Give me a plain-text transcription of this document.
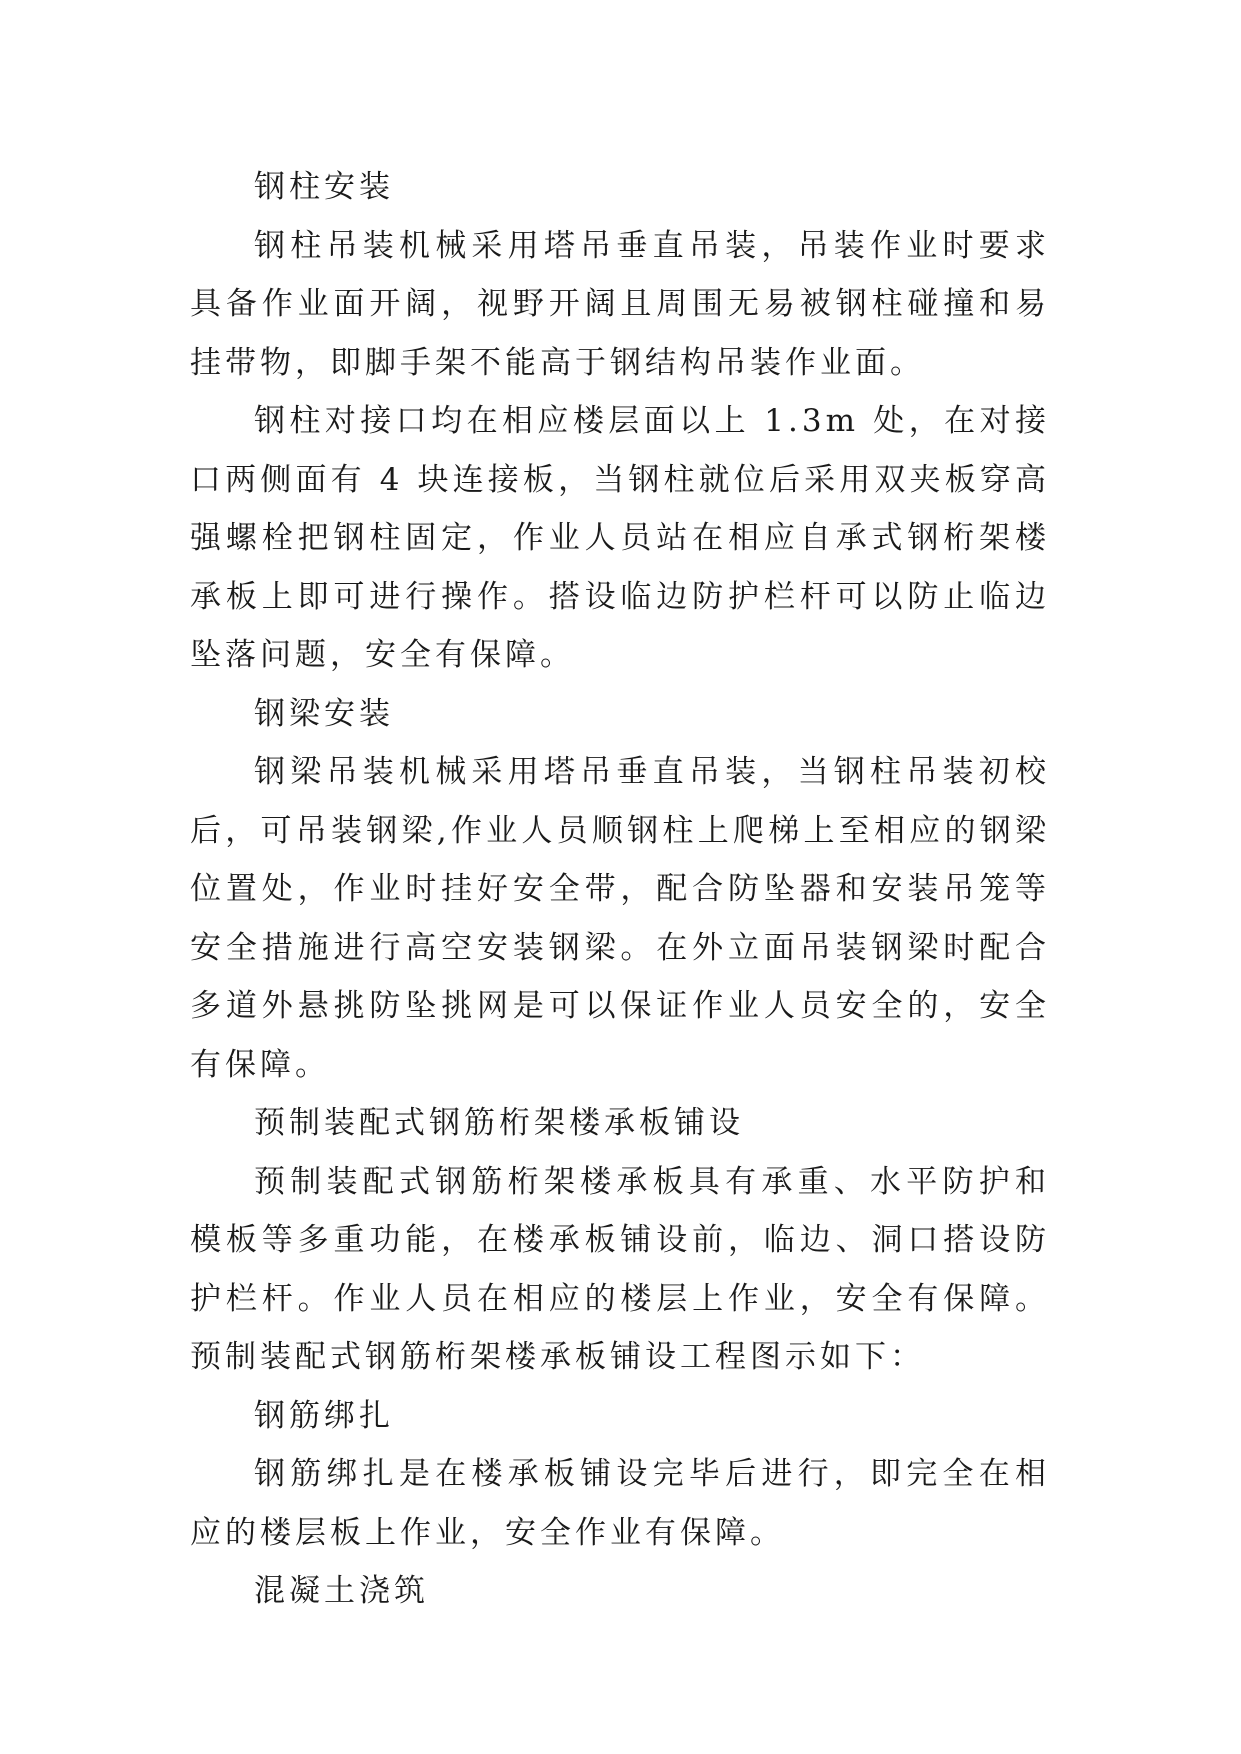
钢柱安装

钢柱吊装机械采用塔吊垂直吊装，吊装作业时要求具备作业面开阔，视野开阔且周围无易被钢柱碰撞和易挂带物，即脚手架不能高于钢结构吊装作业面。

钢柱对接口均在相应楼层面以上 1.3m 处，在对接口两侧面有 4 块连接板，当钢柱就位后采用双夹板穿高强螺栓把钢柱固定，作业人员站在相应自承式钢桁架楼承板上即可进行操作。搭设临边防护栏杆可以防止临边坠落问题，安全有保障。

钢梁安装

钢梁吊装机械采用塔吊垂直吊装，当钢柱吊装初校后，可吊装钢梁,作业人员顺钢柱上爬梯上至相应的钢梁位置处，作业时挂好安全带，配合防坠器和安装吊笼等安全措施进行高空安装钢梁。在外立面吊装钢梁时配合多道外悬挑防坠挑网是可以保证作业人员安全的，安全有保障。

预制装配式钢筋桁架楼承板铺设

预制装配式钢筋桁架楼承板具有承重、水平防护和模板等多重功能，在楼承板铺设前，临边、洞口搭设防护栏杆。作业人员在相应的楼层上作业，安全有保障。预制装配式钢筋桁架楼承板铺设工程图示如下：

钢筋绑扎

钢筋绑扎是在楼承板铺设完毕后进行，即完全在相应的楼层板上作业，安全作业有保障。

混凝土浇筑
